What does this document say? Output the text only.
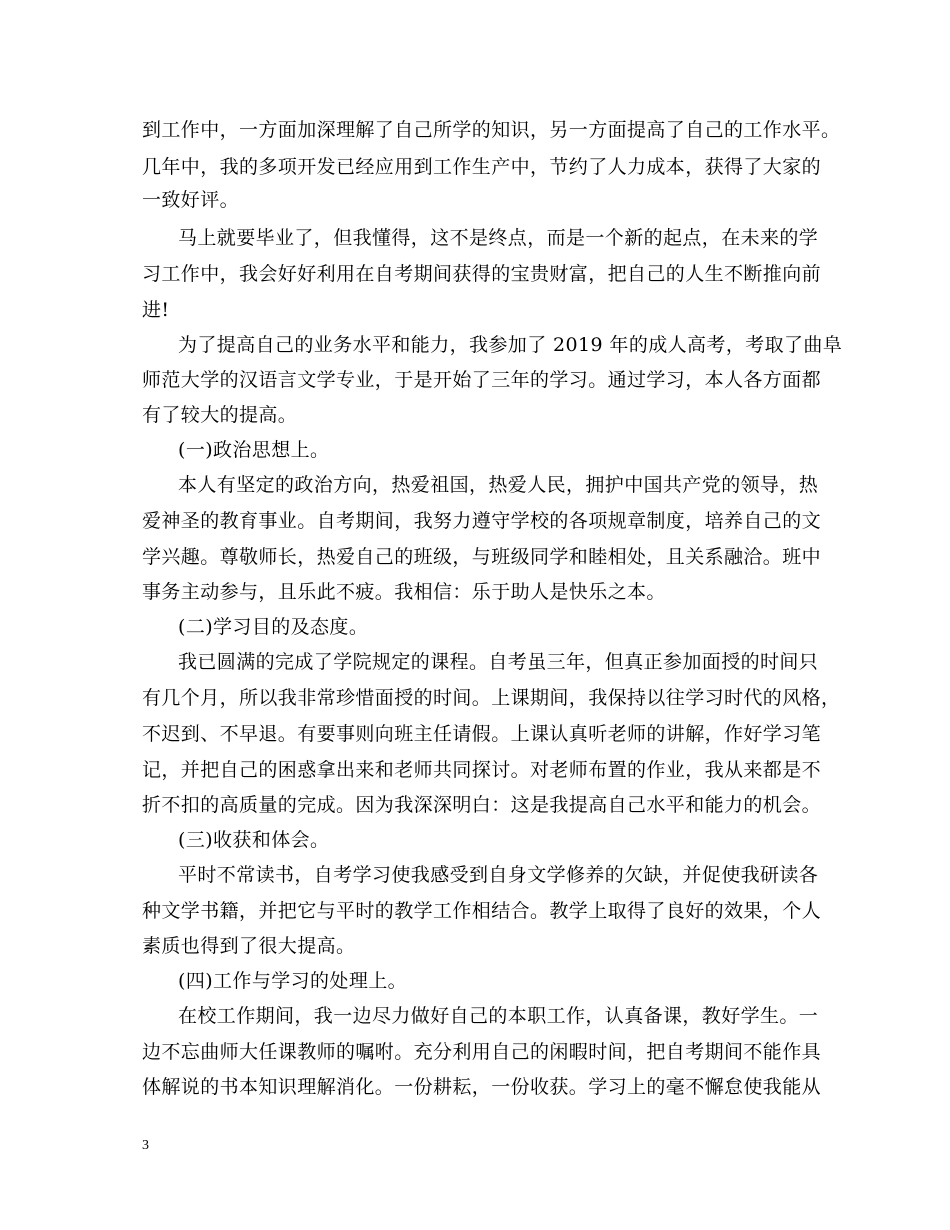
到工作中，一方面加深理解了自己所学的知识，另一方面提高了自己的工作水平。
几年中，我的多项开发已经应用到工作生产中，节约了人力成本，获得了大家的
一致好评。
马上就要毕业了，但我懂得，这不是终点，而是一个新的起点，在未来的学
习工作中，我会好好利用在自考期间获得的宝贵财富，把自己的人生不断推向前
进!
为了提高自己的业务水平和能力，我参加了 2019 年的成人高考，考取了曲阜
师范大学的汉语言文学专业，于是开始了三年的学习。通过学习，本人各方面都
有了较大的提高。
(一)政治思想上。
本人有坚定的政治方向，热爱祖国，热爱人民，拥护中国共产党的领导，热
爱神圣的教育事业。自考期间，我努力遵守学校的各项规章制度，培养自己的文
学兴趣。尊敬师长，热爱自己的班级，与班级同学和睦相处，且关系融洽。班中
事务主动参与，且乐此不疲。我相信：乐于助人是快乐之本。
(二)学习目的及态度。
我已圆满的完成了学院规定的课程。自考虽三年，但真正参加面授的时间只
有几个月，所以我非常珍惜面授的时间。上课期间，我保持以往学习时代的风格，
不迟到、不早退。有要事则向班主任请假。上课认真听老师的讲解，作好学习笔
记，并把自己的困惑拿出来和老师共同探讨。对老师布置的作业，我从来都是不
折不扣的高质量的完成。因为我深深明白：这是我提高自己水平和能力的机会。
(三)收获和体会。
平时不常读书，自考学习使我感受到自身文学修养的欠缺，并促使我研读各
种文学书籍，并把它与平时的教学工作相结合。教学上取得了良好的效果，个人
素质也得到了很大提高。
(四)工作与学习的处理上。
在校工作期间，我一边尽力做好自己的本职工作，认真备课，教好学生。一
边不忘曲师大任课教师的嘱咐。充分利用自己的闲暇时间，把自考期间不能作具
体解说的书本知识理解消化。一份耕耘，一份收获。学习上的毫不懈怠使我能从
3
